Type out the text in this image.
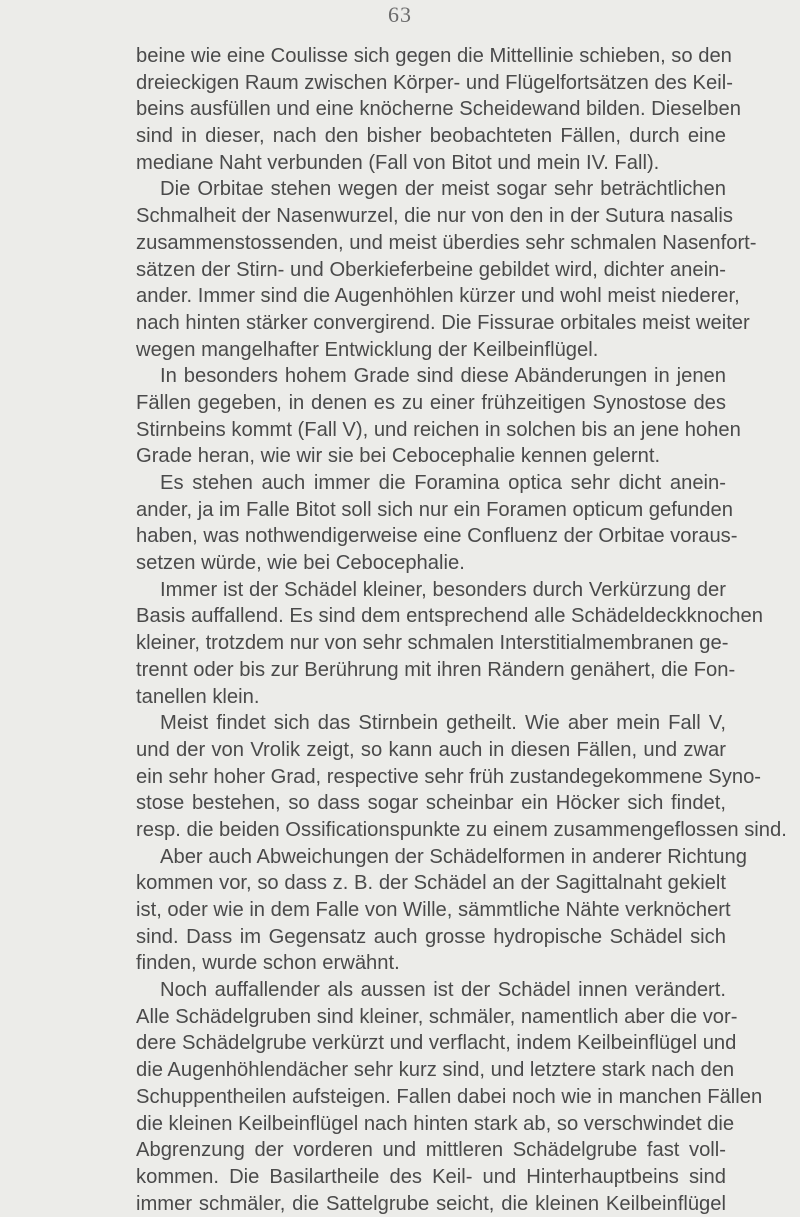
63
beine wie eine Coulisse sich gegen die Mittellinie schieben, so den
dreieckigen Raum zwischen Körper- und Flügelfortsätzen des Keil-
beins ausfüllen und eine knöcherne Scheidewand bilden. Dieselben
sind in dieser, nach den bisher beobachteten Fällen, durch eine
mediane Naht verbunden (Fall von Bitot und mein IV. Fall).
Die Orbitae stehen wegen der meist sogar sehr beträchtlichen
Schmalheit der Nasenwurzel, die nur von den in der Sutura nasalis
zusammenstossenden, und meist überdies sehr schmalen Nasenfort-
sätzen der Stirn- und Oberkieferbeine gebildet wird, dichter anein-
ander. Immer sind die Augenhöhlen kürzer und wohl meist niederer,
nach hinten stärker convergirend. Die Fissurae orbitales meist weiter
wegen mangelhafter Entwicklung der Keilbeinflügel.
In besonders hohem Grade sind diese Abänderungen in jenen
Fällen gegeben, in denen es zu einer frühzeitigen Synostose des
Stirnbeins kommt (Fall V), und reichen in solchen bis an jene hohen
Grade heran, wie wir sie bei Cebocephalie kennen gelernt.
Es stehen auch immer die Foramina optica sehr dicht anein-
ander, ja im Falle Bitot soll sich nur ein Foramen opticum gefunden
haben, was nothwendigerweise eine Confluenz der Orbitae voraus-
setzen würde, wie bei Cebocephalie.
Immer ist der Schädel kleiner, besonders durch Verkürzung der
Basis auffallend. Es sind dem entsprechend alle Schädeldeckknochen
kleiner, trotzdem nur von sehr schmalen Interstitialmembranen ge-
trennt oder bis zur Berührung mit ihren Rändern genähert, die Fon-
tanellen klein.
Meist findet sich das Stirnbein getheilt. Wie aber mein Fall V,
und der von Vrolik zeigt, so kann auch in diesen Fällen, und zwar
ein sehr hoher Grad, respective sehr früh zustandegekommene Syno-
stose bestehen, so dass sogar scheinbar ein Höcker sich findet,
resp. die beiden Ossificationspunkte zu einem zusammengeflossen sind.
Aber auch Abweichungen der Schädelformen in anderer Richtung
kommen vor, so dass z. B. der Schädel an der Sagittalnaht gekielt
ist, oder wie in dem Falle von Wille, sämmtliche Nähte verknöchert
sind. Dass im Gegensatz auch grosse hydropische Schädel sich
finden, wurde schon erwähnt.
Noch auffallender als aussen ist der Schädel innen verändert.
Alle Schädelgruben sind kleiner, schmäler, namentlich aber die vor-
dere Schädelgrube verkürzt und verflacht, indem Keilbeinflügel und
die Augenhöhlendächer sehr kurz sind, und letztere stark nach den
Schuppentheilen aufsteigen. Fallen dabei noch wie in manchen Fällen
die kleinen Keilbeinflügel nach hinten stark ab, so verschwindet die
Abgrenzung der vorderen und mittleren Schädelgrube fast voll-
kommen. Die Basilartheile des Keil- und Hinterhauptbeins sind
immer schmäler, die Sattelgrube seicht, die kleinen Keilbeinflügel
